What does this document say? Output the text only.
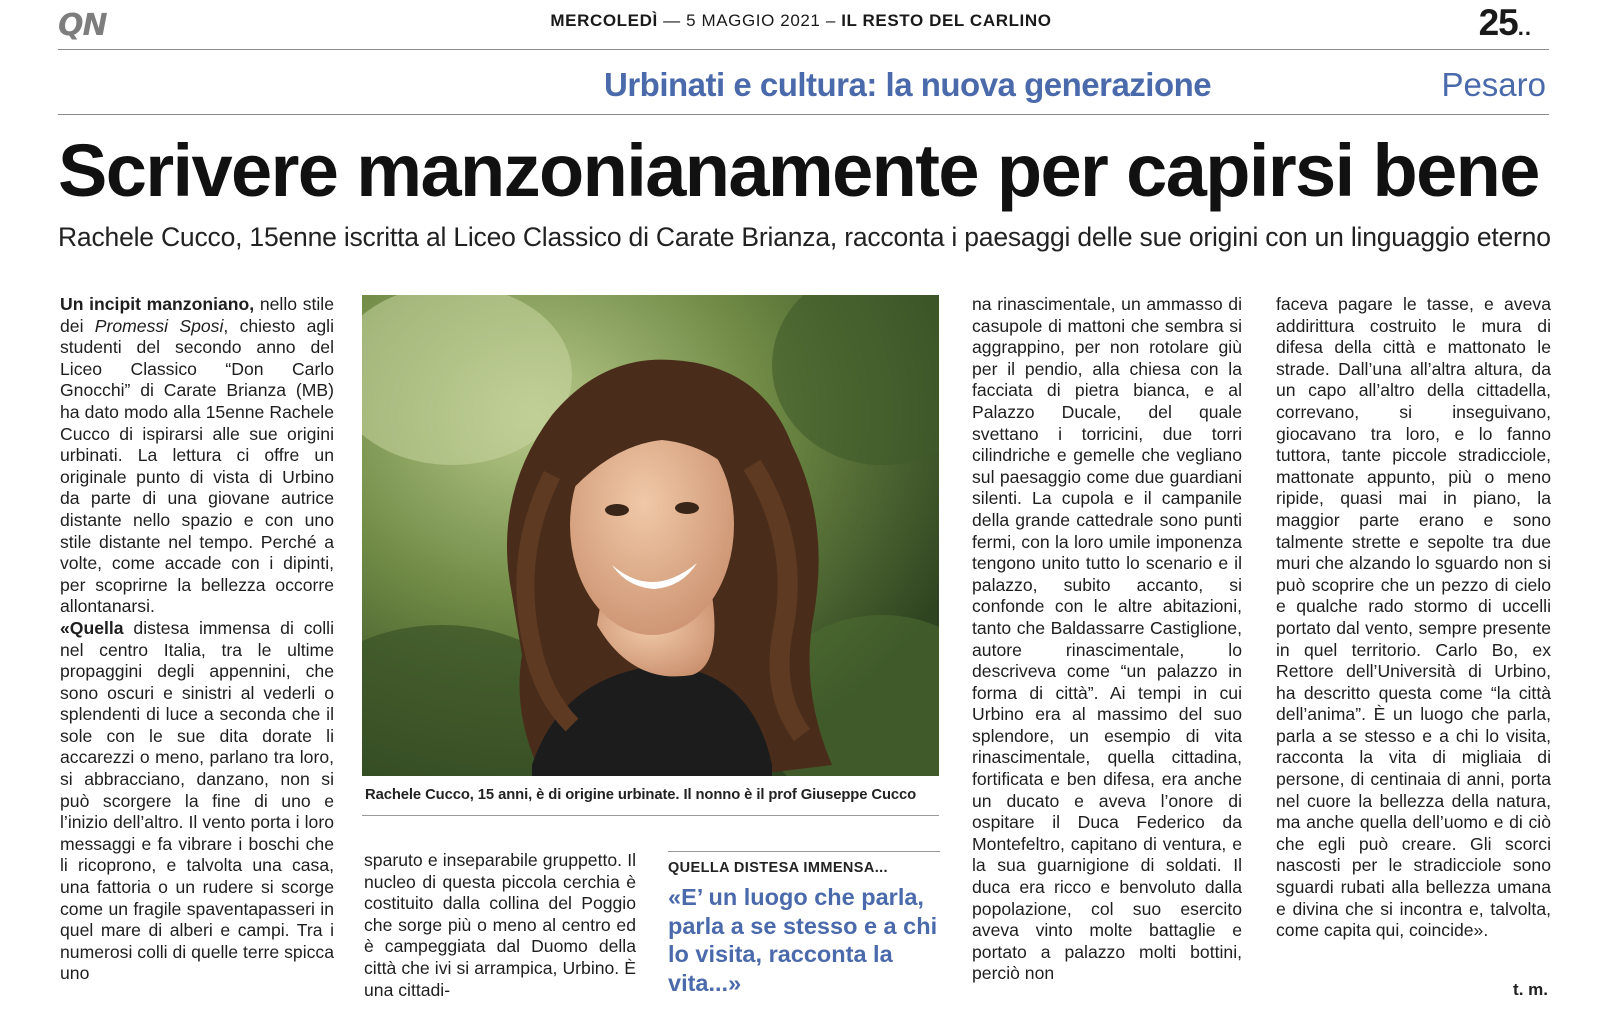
QN	MERCOLEDÌ — 5 MAGGIO 2021 – IL RESTO DEL CARLINO	25..
Urbinati e cultura: la nuova generazione	Pesaro
Scrivere manzonianamente per capirsi bene
Rachele Cucco, 15enne iscritta al Liceo Classico di Carate Brianza, racconta i paesaggi delle sue origini con un linguaggio eterno

Un incipit manzoniano, nello stile dei Promessi Sposi, chiesto agli studenti del secondo anno del Liceo Classico “Don Carlo Gnocchi” di Carate Brianza (MB) ha dato modo alla 15enne Rachele Cucco di ispirarsi alle sue origini urbinati. La lettura ci offre un originale punto di vista di Urbino da parte di una giovane autrice distante nello spazio e con uno stile distante nel tempo. Perché a volte, come accade con i dipinti, per scoprirne la bellezza occorre allontanarsi.

«Quella distesa immensa di colli nel centro Italia, tra le ultime propaggini degli appennini, che sono oscuri e sinistri al vederli o splendenti di luce a seconda che il sole con le sue dita dorate li accarezzi o meno, parlano tra loro, si abbracciano, danzano, non si può scorgere la fine di uno e l’inizio dell’altro. Il vento porta i loro messaggi e fa vibrare i boschi che li ricoprono, e talvolta una casa, una fattoria o un rudere si scorge come un fragile spaventapasseri in quel mare di alberi e campi. Tra i numerosi colli di quelle terre spicca uno

Rachele Cucco, 15 anni, è di origine urbinate. Il nonno è il prof Giuseppe Cucco

sparuto e inseparabile gruppetto. Il nucleo di questa piccola cerchia è costituito dalla collina del Poggio che sorge più o meno al centro ed è campeggiata dal Duomo della città che ivi si arrampica, Urbino. È una cittadi-

QUELLA DISTESA IMMENSA...
«E’ un luogo che parla, parla a se stesso e a chi lo visita, racconta la vita...»

na rinascimentale, un ammasso di casupole di mattoni che sembra si aggrappino, per non rotolare giù per il pendio, alla chiesa con la facciata di pietra bianca, e al Palazzo Ducale, del quale svettano i torricini, due torri cilindriche e gemelle che vegliano sul paesaggio come due guardiani silenti. La cupola e il campanile della grande cattedrale sono punti fermi, con la loro umile imponenza tengono unito tutto lo scenario e il palazzo, subito accanto, si confonde con le altre abitazioni, tanto che Baldassarre Castiglione, autore rinascimentale, lo descriveva come “un palazzo in forma di città”. Ai tempi in cui Urbino era al massimo del suo splendore, un esempio di vita rinascimentale, quella cittadina, fortificata e ben difesa, era anche un ducato e aveva l’onore di ospitare il Duca Federico da Montefeltro, capitano di ventura, e la sua guarnigione di soldati. Il duca era ricco e benvoluto dalla popolazione, col suo esercito aveva vinto molte battaglie e portato a palazzo molti bottini, perciò non

faceva pagare le tasse, e aveva addirittura costruito le mura di difesa della città e mattonato le strade. Dall’una all’altra altura, da un capo all’altro della cittadella, correvano, si inseguivano, giocavano tra loro, e lo fanno tuttora, tante piccole stradicciole, mattonate appunto, più o meno ripide, quasi mai in piano, la maggior parte erano e sono talmente strette e sepolte tra due muri che alzando lo sguardo non si può scoprire che un pezzo di cielo e qualche rado stormo di uccelli portato dal vento, sempre presente in quel territorio. Carlo Bo, ex Rettore dell’Università di Urbino, ha descritto questa come “la città dell’anima”. È un luogo che parla, parla a se stesso e a chi lo visita, racconta la vita di migliaia di persone, di centinaia di anni, porta nel cuore la bellezza della natura, ma anche quella dell’uomo e di ciò che egli può creare. Gli scorci nascosti per le stradicciole sono sguardi rubati alla bellezza umana e divina che si incontra e, talvolta, come capita qui, coincide».

t. m.
